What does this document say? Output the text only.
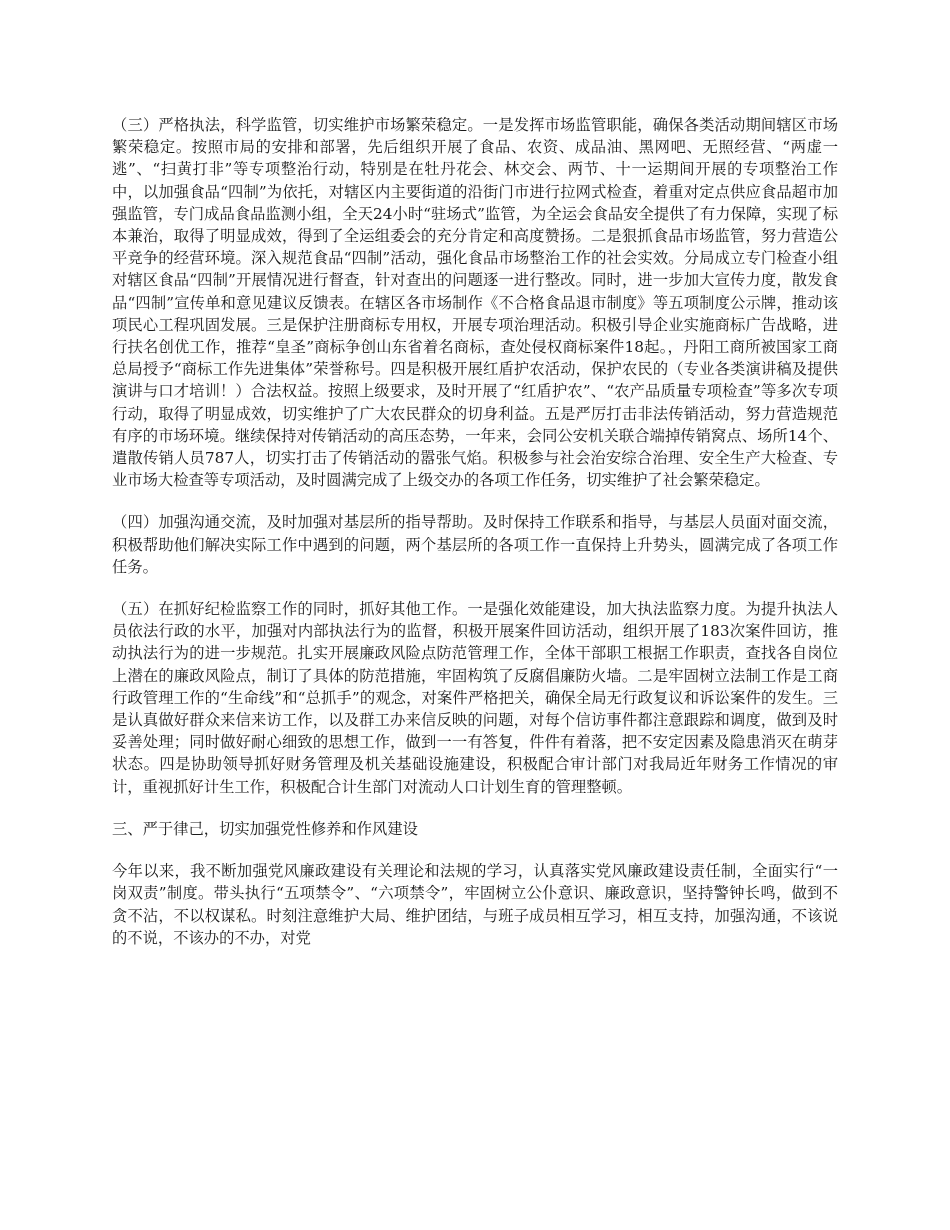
（三）严格执法，科学监管，切实维护市场繁荣稳定。一是发挥市场监管职能，确保各类活动期间辖区市场繁荣稳定。按照市局的安排和部署，先后组织开展了食品、农资、成品油、黑网吧、无照经营、“两虚一逃”、“扫黄打非”等专项整治行动，特别是在牡丹花会、林交会、两节、十一运期间开展的专项整治工作中，以加强食品“四制”为依托，对辖区内主要街道的沿街门市进行拉网式检查，着重对定点供应食品超市加强监管，专门成品食品监测小组，全天24小时“驻场式”监管，为全运会食品安全提供了有力保障，实现了标本兼治，取得了明显成效，得到了全运组委会的充分肯定和高度赞扬。二是狠抓食品市场监管，努力营造公平竞争的经营环境。深入规范食品“四制”活动，强化食品市场整治工作的社会实效。分局成立专门检查小组对辖区食品“四制”开展情况进行督查，针对查出的问题逐一进行整改。同时，进一步加大宣传力度，散发食品“四制”宣传单和意见建议反馈表。在辖区各市场制作《不合格食品退市制度》等五项制度公示牌，推动该项民心工程巩固发展。三是保护注册商标专用权，开展专项治理活动。积极引导企业实施商标广告战略，进行扶名创优工作，推荐“皇圣”商标争创山东省着名商标，查处侵权商标案件18起。，丹阳工商所被国家工商总局授予“商标工作先进集体”荣誉称号。四是积极开展红盾护农活动，保护农民的（专业各类演讲稿及提供演讲与口才培训！）合法权益。按照上级要求，及时开展了“红盾护农”、“农产品质量专项检查”等多次专项行动，取得了明显成效，切实维护了广大农民群众的切身利益。五是严厉打击非法传销活动，努力营造规范有序的市场环境。继续保持对传销活动的高压态势，一年来，会同公安机关联合端掉传销窝点、场所14个、遣散传销人员787人，切实打击了传销活动的嚣张气焰。积极参与社会治安综合治理、安全生产大检查、专业市场大检查等专项活动，及时圆满完成了上级交办的各项工作任务，切实维护了社会繁荣稳定。

（四）加强沟通交流，及时加强对基层所的指导帮助。及时保持工作联系和指导，与基层人员面对面交流，积极帮助他们解决实际工作中遇到的问题，两个基层所的各项工作一直保持上升势头，圆满完成了各项工作任务。

（五）在抓好纪检监察工作的同时，抓好其他工作。一是强化效能建设，加大执法监察力度。为提升执法人员依法行政的水平，加强对内部执法行为的监督，积极开展案件回访活动，组织开展了183次案件回访，推动执法行为的进一步规范。扎实开展廉政风险点防范管理工作，全体干部职工根据工作职责，查找各自岗位上潜在的廉政风险点，制订了具体的防范措施，牢固构筑了反腐倡廉防火墙。二是牢固树立法制工作是工商行政管理工作的“生命线”和“总抓手”的观念，对案件严格把关，确保全局无行政复议和诉讼案件的发生。三是认真做好群众来信来访工作，以及群工办来信反映的问题，对每个信访事件都注意跟踪和调度，做到及时妥善处理；同时做好耐心细致的思想工作，做到一一有答复，件件有着落，把不安定因素及隐患消灭在萌芽状态。四是协助领导抓好财务管理及机关基础设施建设，积极配合审计部门对我局近年财务工作情况的审计，重视抓好计生工作，积极配合计生部门对流动人口计划生育的管理整顿。

三、严于律己，切实加强党性修养和作风建设

今年以来，我不断加强党风廉政建设有关理论和法规的学习，认真落实党风廉政建设责任制，全面实行“一岗双责”制度。带头执行“五项禁令”、“六项禁令”，牢固树立公仆意识、廉政意识，坚持警钟长鸣，做到不贪不沾，不以权谋私。时刻注意维护大局、维护团结，与班子成员相互学习，相互支持，加强沟通，不该说的不说，不该办的不办，对党
